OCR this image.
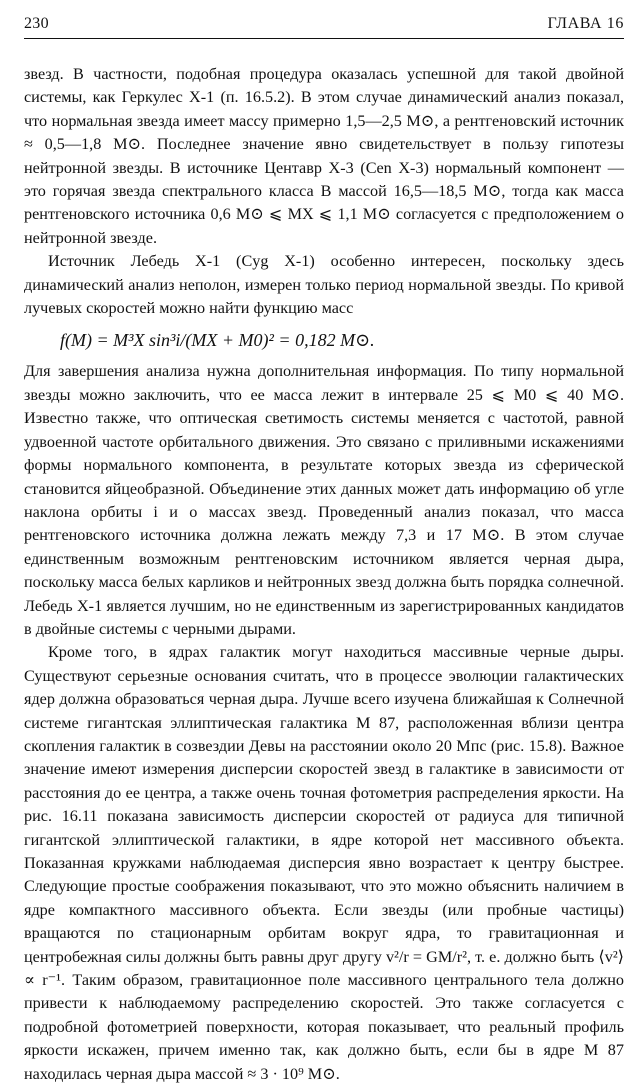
230	ГЛАВА 16

звезд. В частности, подобная процедура оказалась успешной для такой двойной системы, как Геркулес X-1 (п. 16.5.2). В этом случае динамический анализ показал, что нормальная звезда имеет массу примерно 1,5—2,5 M⊙, а рентгеновский источник ≈ 0,5—1,8 M⊙. Последнее значение явно свидетельствует в пользу гипотезы нейтронной звезды. В источнике Центавр X-3 (Cen X-3) нормальный компонент — это горячая звезда спектрального класса B массой 16,5—18,5 M⊙, тогда как масса рентгеновского источника 0,6 M⊙ ⩽ MX ⩽ 1,1 M⊙ согласуется с предположением о нейтронной звезде.

Источник Лебедь X-1 (Cyg X-1) особенно интересен, поскольку здесь динамический анализ неполон, измерен только период нормальной звезды. По кривой лучевых скоростей можно найти функцию масс

f(M) = M³X sin³i/(MX + M0)² = 0,182 M⊙.

Для завершения анализа нужна дополнительная информация. По типу нормальной звезды можно заключить, что ее масса лежит в интервале 25 ⩽ M0 ⩽ 40 M⊙. Известно также, что оптическая светимость системы меняется с частотой, равной удвоенной частоте орбитального движения. Это связано с приливными искажениями формы нормального компонента, в результате которых звезда из сферической становится яйцеобразной. Объединение этих данных может дать информацию об угле наклона орбиты i и о массах звезд. Проведенный анализ показал, что масса рентгеновского источника должна лежать между 7,3 и 17 M⊙. В этом случае единственным возможным рентгеновским источником является черная дыра, поскольку масса белых карликов и нейтронных звезд должна быть порядка солнечной. Лебедь X-1 является лучшим, но не единственным из зарегистрированных кандидатов в двойные системы с черными дырами.

Кроме того, в ядрах галактик могут находиться массивные черные дыры. Существуют серьезные основания считать, что в процессе эволюции галактических ядер должна образоваться черная дыра. Лучше всего изучена ближайшая к Солнечной системе гигантская эллиптическая галактика M 87, расположенная вблизи центра скопления галактик в созвездии Девы на расстоянии около 20 Мпс (рис. 15.8). Важное значение имеют измерения дисперсии скоростей звезд в галактике в зависимости от расстояния до ее центра, а также очень точная фотометрия распределения яркости. На рис. 16.11 показана зависимость дисперсии скоростей от радиуса для типичной гигантской эллиптической галактики, в ядре которой нет массивного объекта. Показанная кружками наблюдаемая дисперсия явно возрастает к центру быстрее. Следующие простые соображения показывают, что это можно объяснить наличием в ядре компактного массивного объекта. Если звезды (или пробные частицы) вращаются по стационарным орбитам вокруг ядра, то гравитационная и центробежная силы должны быть равны друг другу v²/r = GM/r², т. е. должно быть ⟨v²⟩ ∝ r⁻¹. Таким образом, гравитационное поле массивного центрального тела должно привести к наблюдаемому распределению скоростей. Это также согласуется с подробной фотометрией поверхности, которая показывает, что реальный профиль яркости искажен, причем именно так, как должно быть, если бы в ядре M 87 находилась черная дыра массой ≈ 3 · 10⁹ M⊙.
